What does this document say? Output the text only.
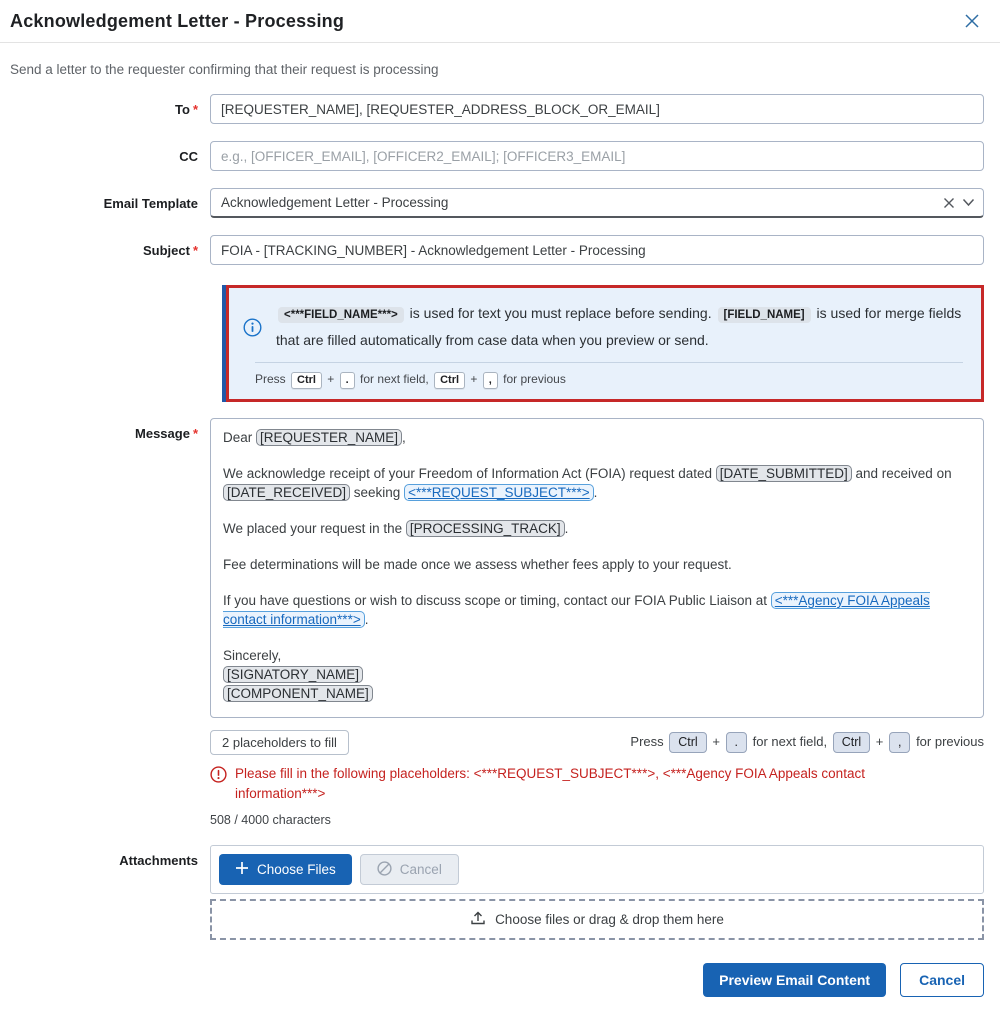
Acknowledgement Letter - Processing
Send a letter to the requester confirming that their request is processing
To *
[REQUESTER_NAME], [REQUESTER_ADDRESS_BLOCK_OR_EMAIL]
CC
e.g., [OFFICER_EMAIL], [OFFICER2_EMAIL]; [OFFICER3_EMAIL]
Email Template	Acknowledgement Letter - Processing
Subject *
FOIA - [TRACKING_NUMBER] - Acknowledgement Letter - Processing
<***FIELD_NAME***> is used for text you must replace before sending. [FIELD_NAME] is used for merge fields that are filled automatically from case data when you preview or send.
Press Ctrl + . for next field, Ctrl + , for previous
Message *	Dear [REQUESTER_NAME] ,
We acknowledge receipt of your Freedom of Information Act (FOIA) request dated [DATE_SUBMITTED] and received on [DATE_RECEIVED] seeking <***REQUEST_SUBJECT***> .
We placed your request in the [PROCESSING_TRACK] .
Fee determinations will be made once we assess whether fees apply to your request.
If you have questions or wish to discuss scope or timing, contact our FOIA Public Liaison at <***Agency FOIA Appeals contact information***> .
Sincerely,
[SIGNATORY_NAME]
[COMPONENT_NAME]
2 placeholders to fill	Press Ctrl + . for next field, Ctrl + , for previous
Please fill in the following placeholders: <***REQUEST_SUBJECT***>, <***Agency FOIA Appeals contact information***>
508 / 4000 characters
Attachments
Choose Files	Cancel
Choose files or drag & drop them here
Preview Email Content	Cancel
